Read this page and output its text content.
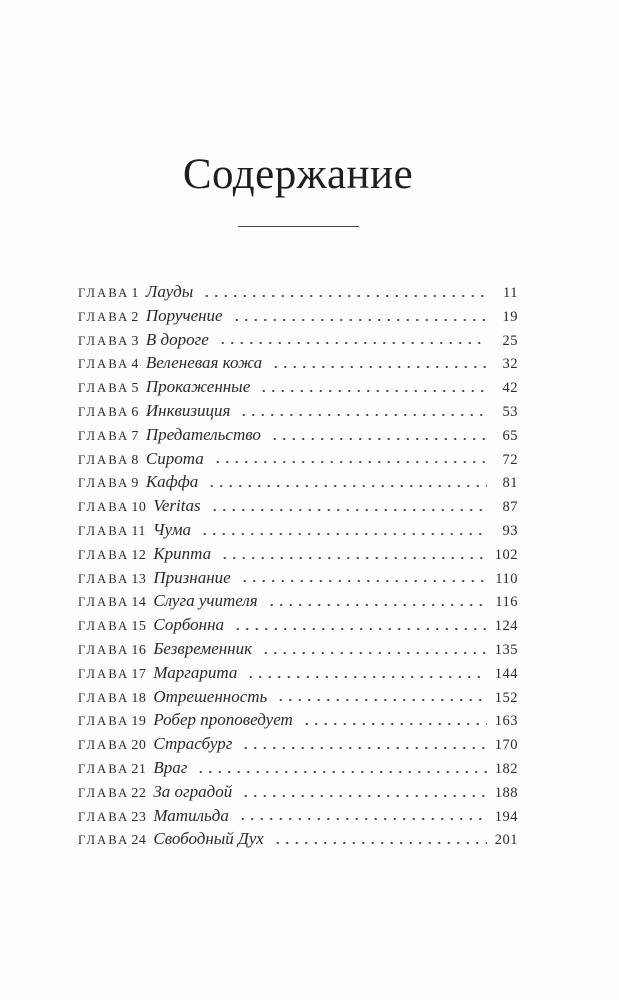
Содержание
ГЛАВА 1 Лауды	11
ГЛАВА 2 Поручение	19
ГЛАВА 3 В дороге	25
ГЛАВА 4 Веленевая кожа	32
ГЛАВА 5 Прокаженные	42
ГЛАВА 6 Инквизиция	53
ГЛАВА 7 Предательство	65
ГЛАВА 8 Сирота	72
ГЛАВА 9 Каффа	81
ГЛАВА 10 Veritas	87
ГЛАВА 11 Чума	93
ГЛАВА 12 Крипта	102
ГЛАВА 13 Признание	110
ГЛАВА 14 Слуга учителя	116
ГЛАВА 15 Сорбонна	124
ГЛАВА 16 Безвременник	135
ГЛАВА 17 Маргарита	144
ГЛАВА 18 Отрешенность	152
ГЛАВА 19 Робер проповедует	163
ГЛАВА 20 Страсбург	170
ГЛАВА 21 Враг	182
ГЛАВА 22 За оградой	188
ГЛАВА 23 Матильда	194
ГЛАВА 24 Свободный Дух	201
